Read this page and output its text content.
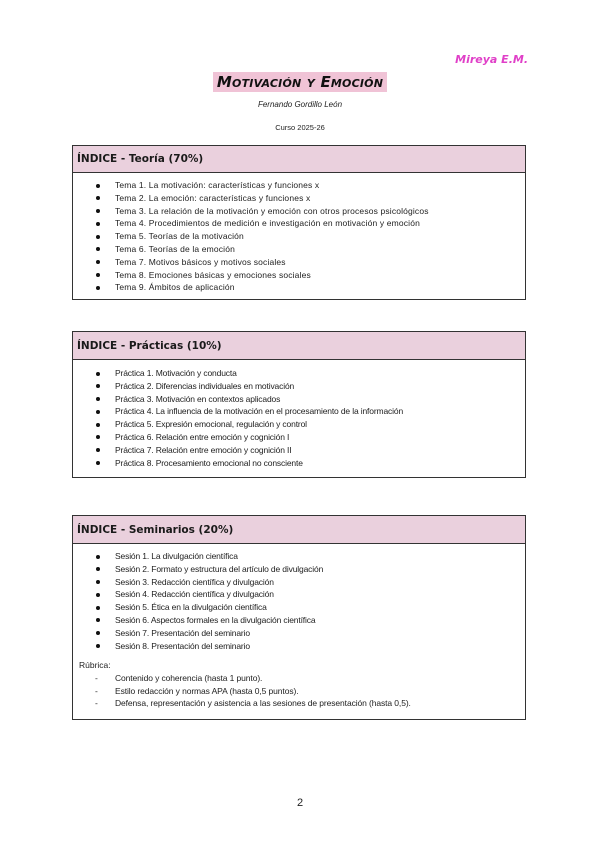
Mireya E.M.
Motivación y Emoción
Fernando Gordillo León
Curso 2025-26
ÍNDICE - Teoría (70%)
Tema 1. La motivación: características y funciones x
Tema 2. La emoción: características y funciones x
Tema 3. La relación de la motivación y emoción con otros procesos psicológicos
Tema 4. Procedimientos de medición e investigación en motivación y emoción
Tema 5. Teorías de la motivación
Tema 6. Teorías de la emoción
Tema 7. Motivos básicos y motivos sociales
Tema 8. Emociones básicas y emociones sociales
Tema 9. Ámbitos de aplicación
ÍNDICE - Prácticas (10%)
Práctica 1. Motivación y conducta
Práctica 2. Diferencias individuales en motivación
Práctica 3. Motivación en contextos aplicados
Práctica 4. La influencia de la motivación en el procesamiento de la información
Práctica 5. Expresión emocional, regulación y control
Práctica 6. Relación entre emoción y cognición I
Práctica 7. Relación entre emoción y cognición II
Práctica 8. Procesamiento emocional no consciente
ÍNDICE - Seminarios (20%)
Sesión 1. La divulgación científica
Sesión 2. Formato y estructura del artículo de divulgación
Sesión 3. Redacción científica y divulgación
Sesión 4. Redacción científica y divulgación
Sesión 5. Ética en la divulgación científica
Sesión 6. Aspectos formales en la divulgación científica
Sesión 7. Presentación del seminario
Sesión 8. Presentación del seminario
Rúbrica:
- Contenido y coherencia (hasta 1 punto).
- Estilo redacción y normas APA (hasta 0,5 puntos).
- Defensa, representación y asistencia a las sesiones de presentación (hasta 0,5).
2
